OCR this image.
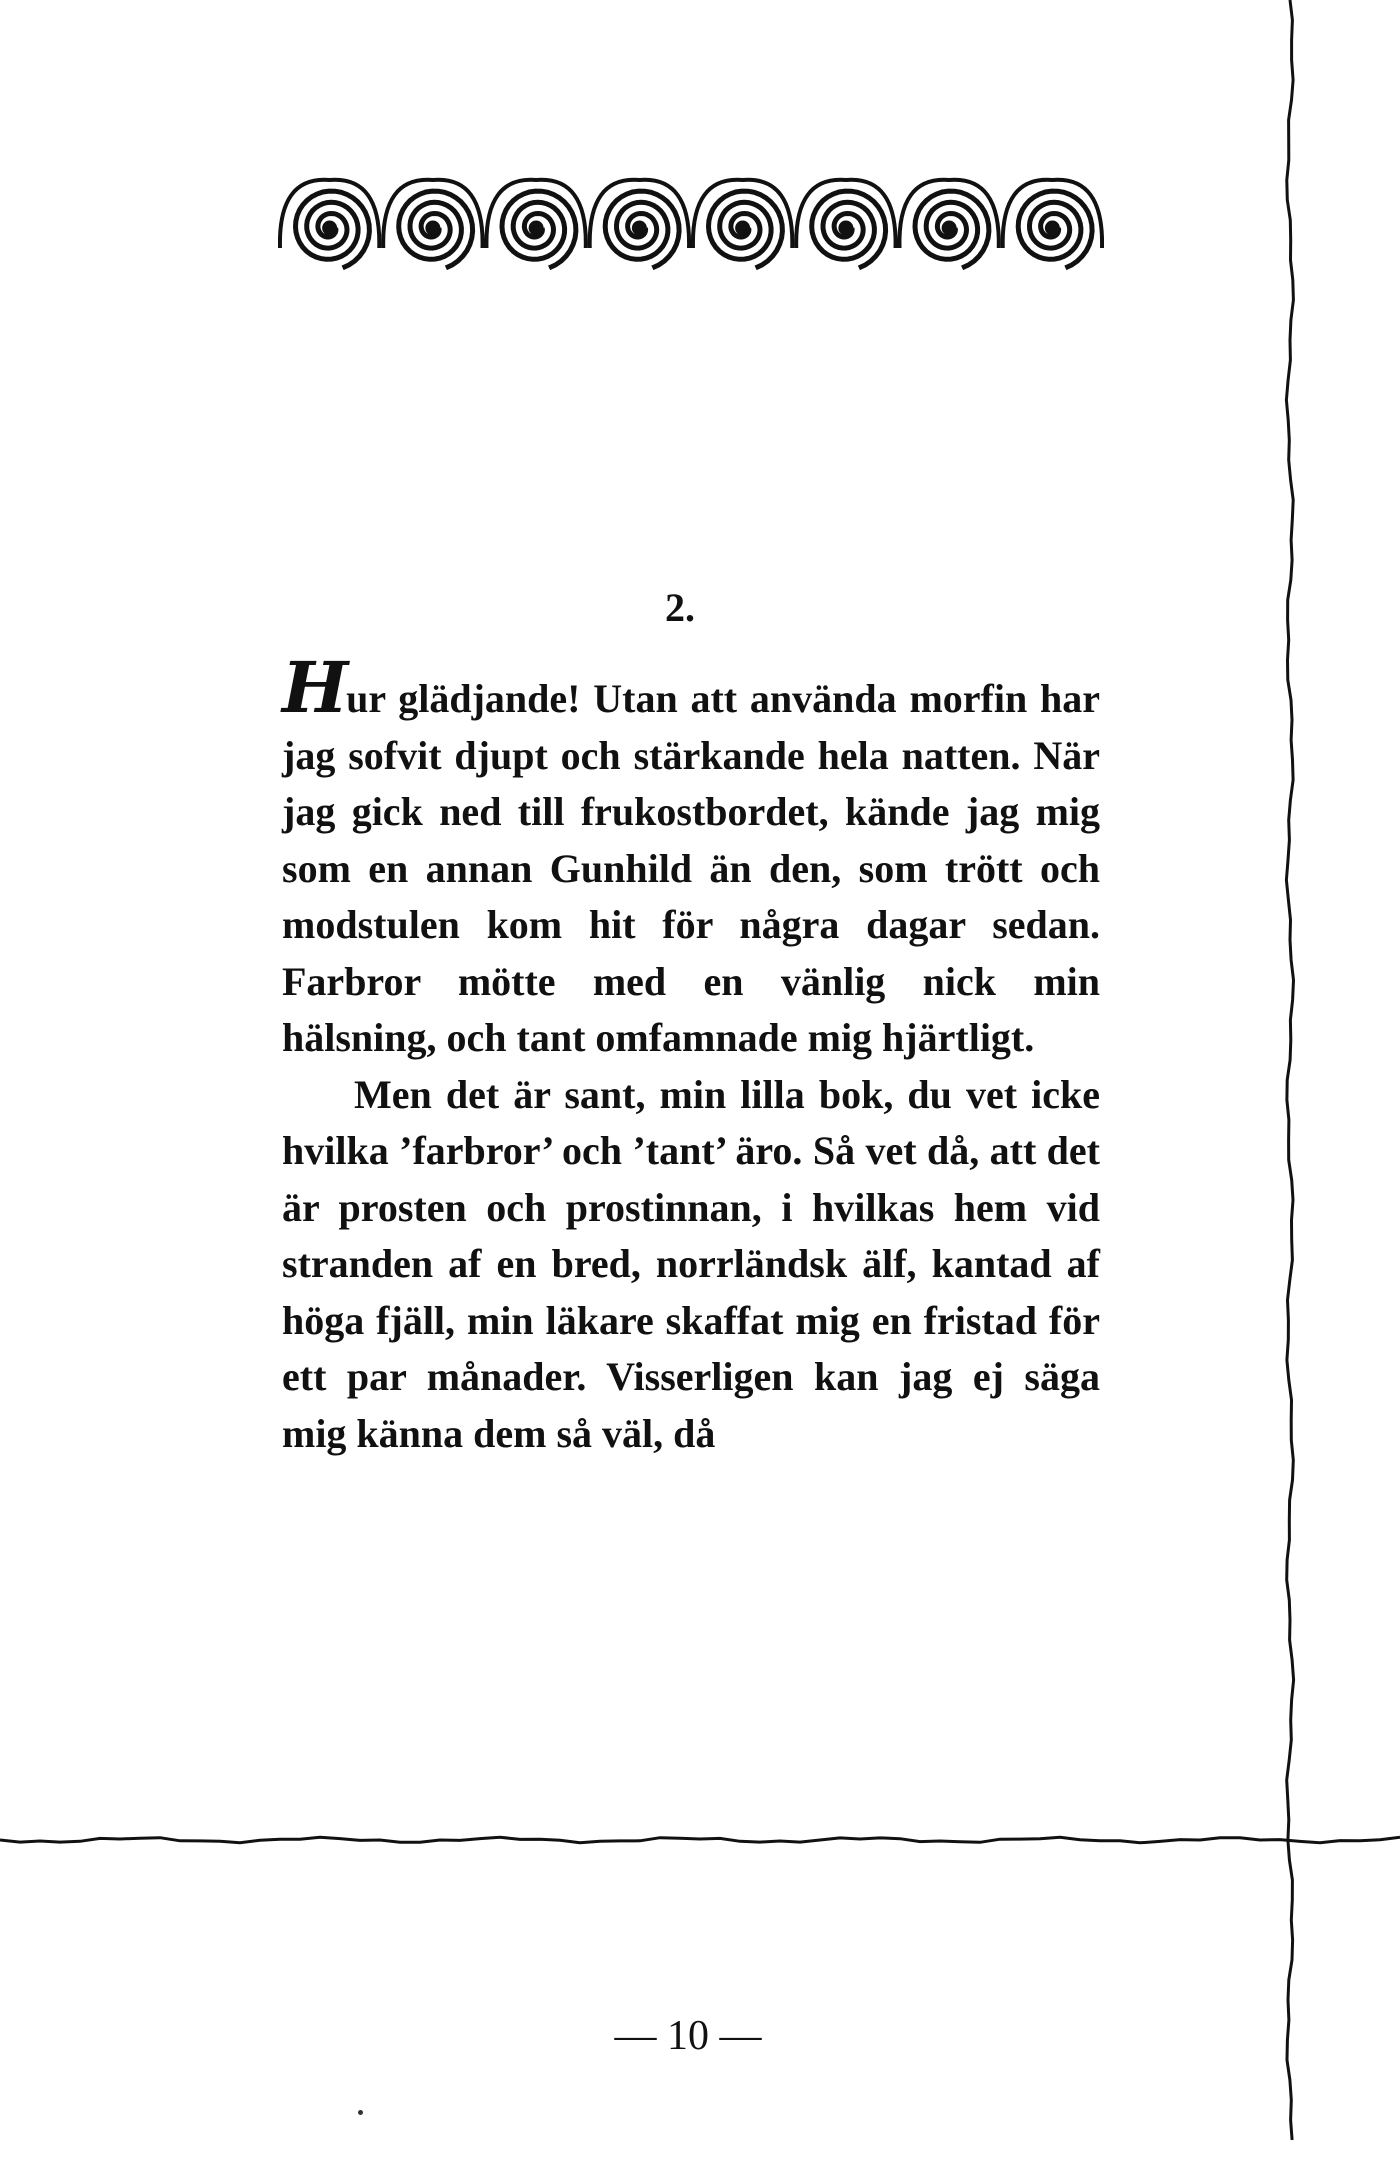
2.

Hur glädjande! Utan att använda morfin har jag sofvit djupt och stärkande hela natten. När jag gick ned till frukostbordet, kände jag mig som en annan Gunhild än den, som trött och modstulen kom hit för några dagar sedan. Farbror mötte med en vänlig nick min hälsning, och tant omfamnade mig hjärtligt.

Men det är sant, min lilla bok, du vet icke hvilka ’farbror’ och ’tant’ äro. Så vet då, att det är prosten och prostinnan, i hvilkas hem vid stranden af en bred, norrländsk älf, kantad af höga fjäll, min läkare skaffat mig en fristad för ett par månader. Visserligen kan jag ej säga mig känna dem så väl, då

— 10 —
